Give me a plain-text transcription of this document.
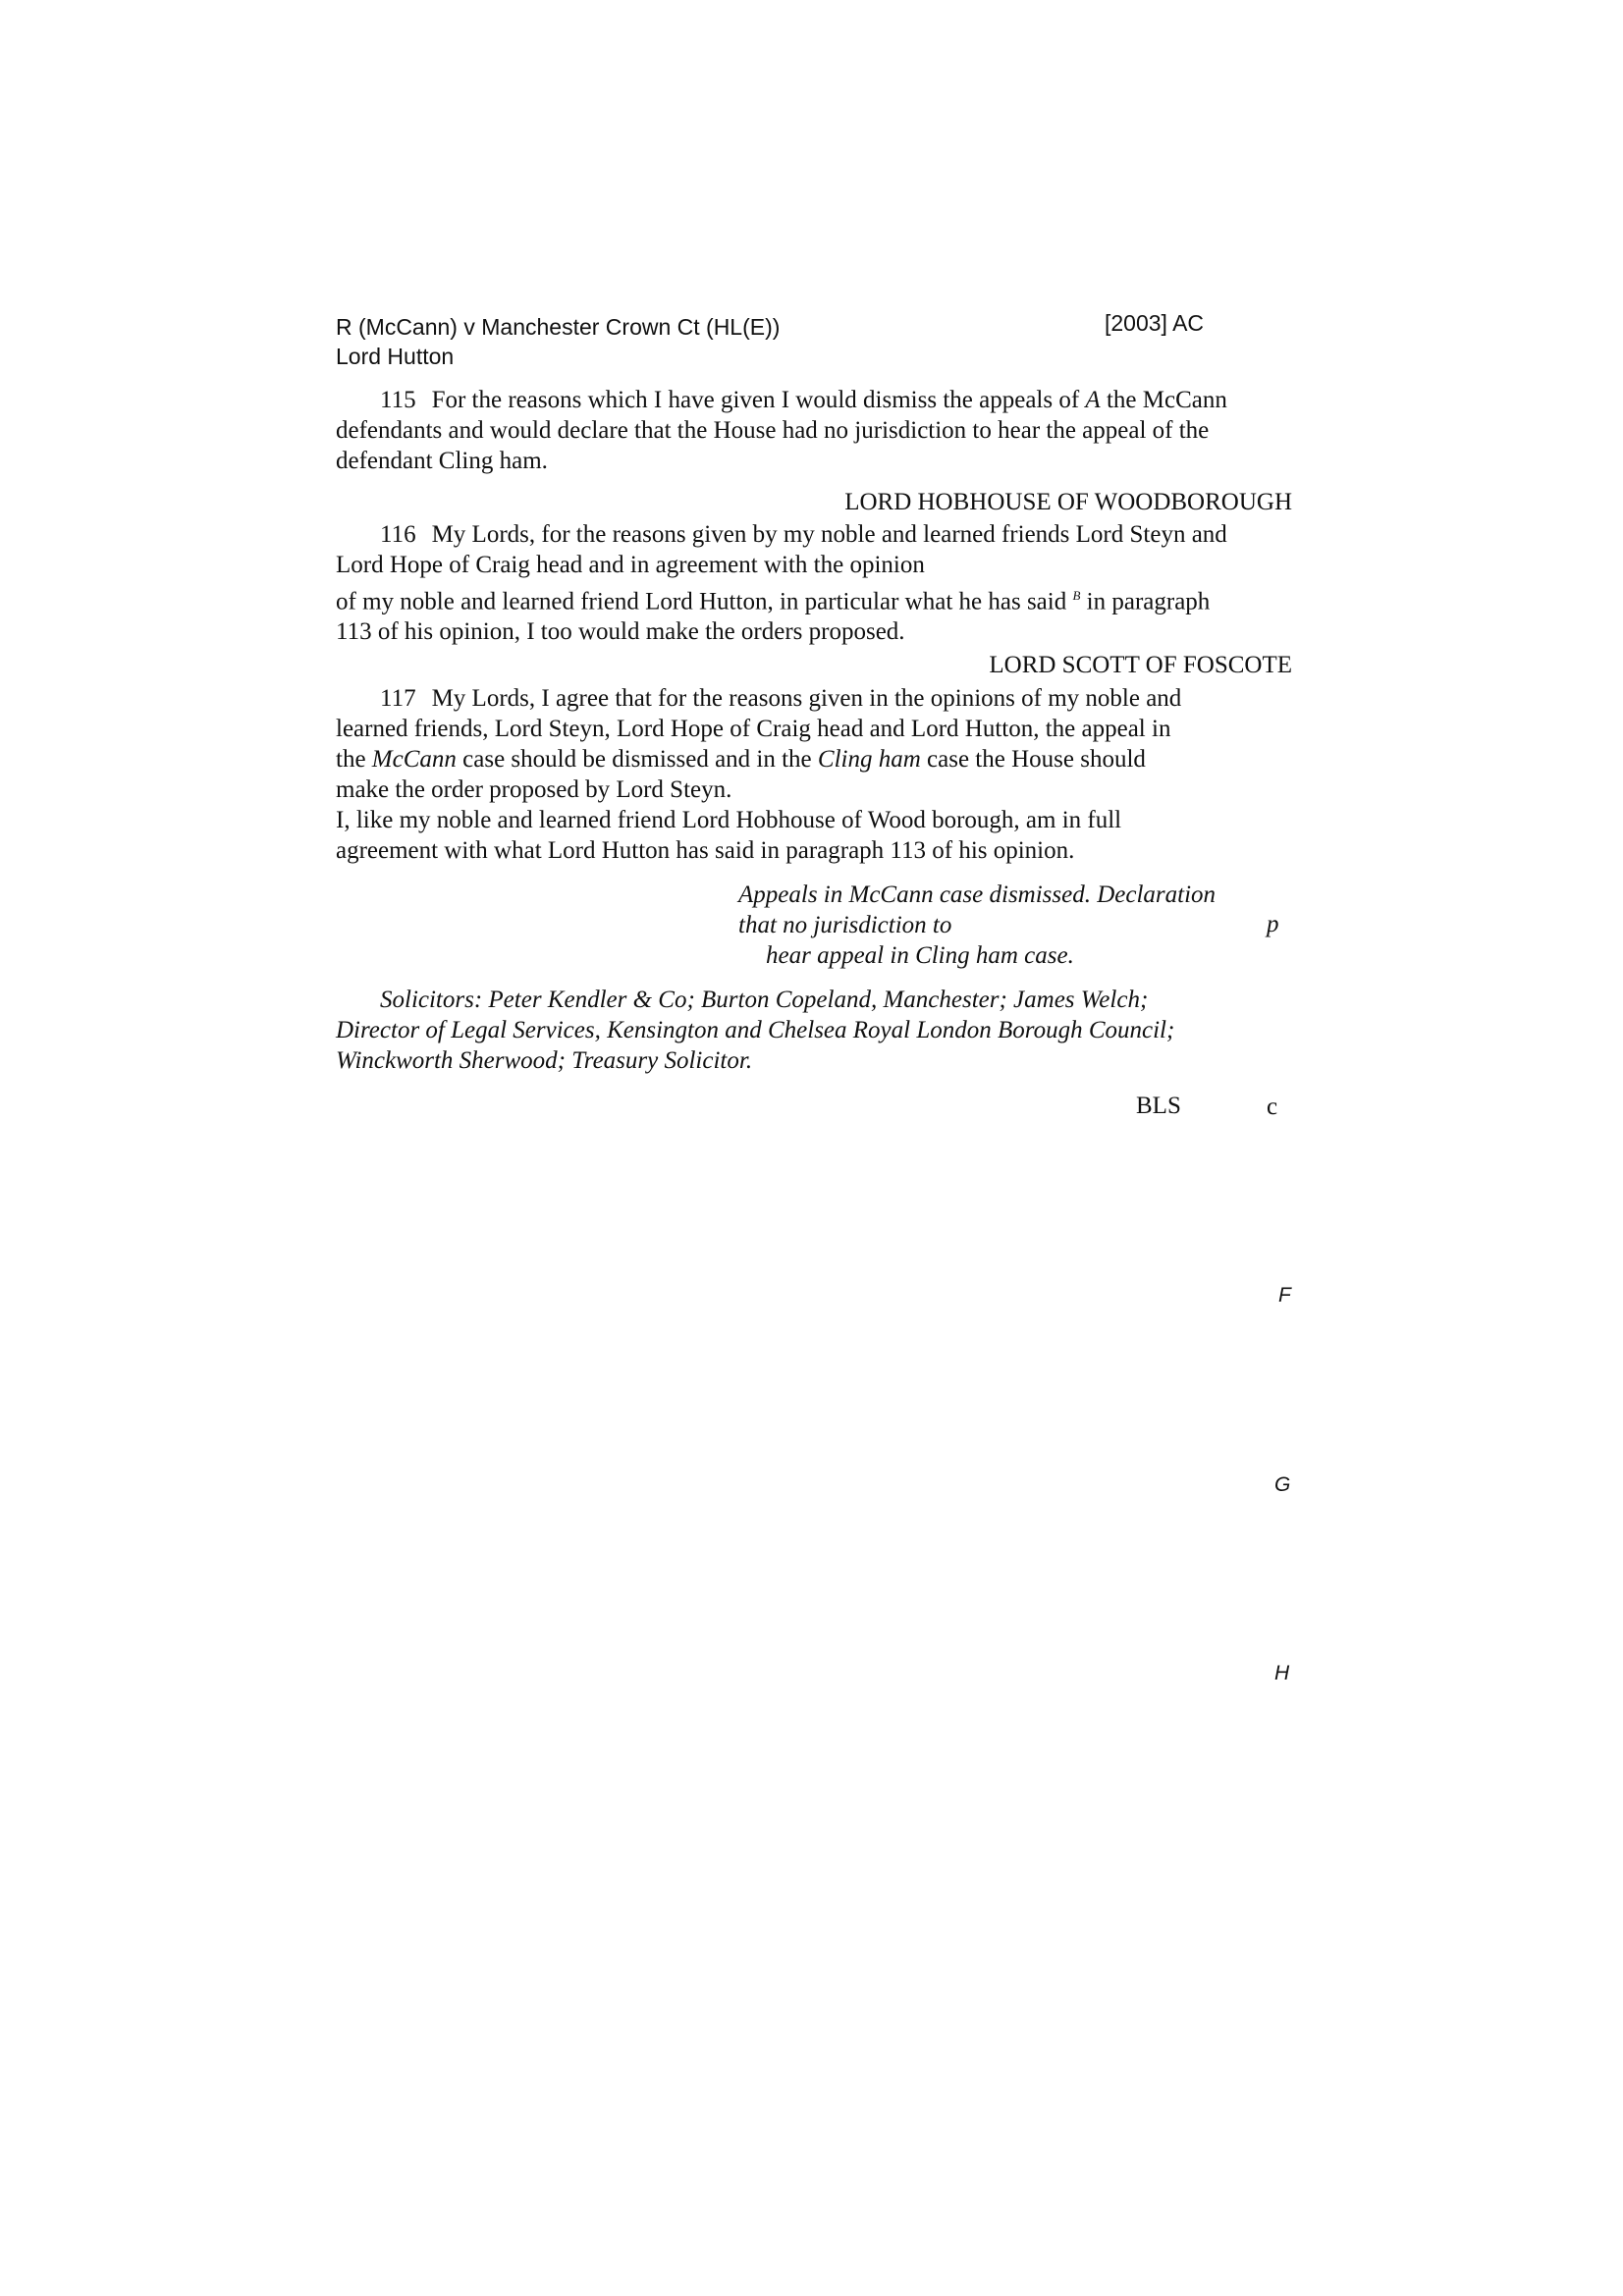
R (McCann) v Manchester Crown Ct (HL(E))	[2003] AC
Lord Hutton
115 For the reasons which I have given I would dismiss the appeals of A the McCann
defendants and would declare that the House had no jurisdiction to hear the appeal of the
defendant Cling ham.
LORD HOBHOUSE OF WOODBOROUGH
116 My Lords, for the reasons given by my noble and learned friends Lord Steyn and
Lord Hope of Craig head and in agreement with the opinion
of my noble and learned friend Lord Hutton, in particular what he has said $^B$ in paragraph
113 of his opinion, I too would make the orders proposed.
LORD SCOTT OF FOSCOTE
117 My Lords, I agree that for the reasons given in the opinions of my noble and
learned friends, Lord Steyn, Lord Hope of Craig head and Lord Hutton, the appeal in
the McCann case should be dismissed and in the Cling ham case the House should
make the order proposed by Lord Steyn.
I, like my noble and learned friend Lord Hobhouse of Wood borough, am in full
agreement with what Lord Hutton has said in paragraph 113 of his opinion.
Appeals in McCann case dismissed. Declaration
that no jurisdiction to
hear appeal in Cling ham case.
Solicitors: Peter Kendler & Co; Burton Copeland, Manchester; James Welch;
Director of Legal Services, Kensington and Chelsea Royal London Borough Council;
Winckworth Sherwood; Treasury Solicitor.
BLS
p
c
F
G
H
